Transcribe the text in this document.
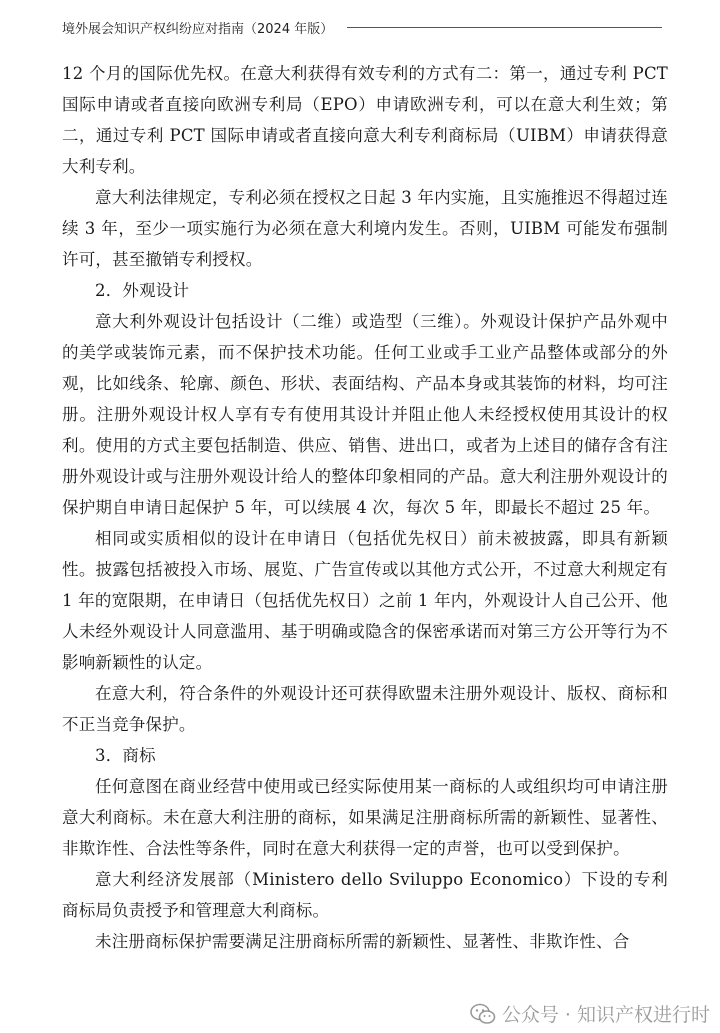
境外展会知识产权纠纷应对指南（2024 年版）

12 个月的国际优先权。在意大利获得有效专利的方式有二：第一，通过专利 PCT 国际申请或者直接向欧洲专利局（EPO）申请欧洲专利，可以在意大利生效；第二，通过专利 PCT 国际申请或者直接向意大利专利商标局（UIBM）申请获得意大利专利。

意大利法律规定，专利必须在授权之日起 3 年内实施，且实施推迟不得超过连续 3 年，至少一项实施行为必须在意大利境内发生。否则，UIBM 可能发布强制许可，甚至撤销专利授权。

2．外观设计

意大利外观设计包括设计（二维）或造型（三维）。外观设计保护产品外观中的美学或装饰元素，而不保护技术功能。任何工业或手工业产品整体或部分的外观，比如线条、轮廓、颜色、形状、表面结构、产品本身或其装饰的材料，均可注册。注册外观设计权人享有专有使用其设计并阻止他人未经授权使用其设计的权利。使用的方式主要包括制造、供应、销售、进出口，或者为上述目的储存含有注册外观设计或与注册外观设计给人的整体印象相同的产品。意大利注册外观设计的保护期自申请日起保护 5 年，可以续展 4 次，每次 5 年，即最长不超过 25 年。

相同或实质相似的设计在申请日（包括优先权日）前未被披露，即具有新颖性。披露包括被投入市场、展览、广告宣传或以其他方式公开，不过意大利规定有 1 年的宽限期，在申请日（包括优先权日）之前 1 年内，外观设计人自己公开、他人未经外观设计人同意滥用、基于明确或隐含的保密承诺而对第三方公开等行为不影响新颖性的认定。

在意大利，符合条件的外观设计还可获得欧盟未注册外观设计、版权、商标和不正当竞争保护。

3．商标

任何意图在商业经营中使用或已经实际使用某一商标的人或组织均可申请注册意大利商标。未在意大利注册的商标，如果满足注册商标所需的新颖性、显著性、非欺诈性、合法性等条件，同时在意大利获得一定的声誉，也可以受到保护。

意大利经济发展部（Ministero dello Sviluppo Economico）下设的专利商标局负责授予和管理意大利商标。

未注册商标保护需要满足注册商标所需的新颖性、显著性、非欺诈性、合

公众号 · 知识产权进行时
